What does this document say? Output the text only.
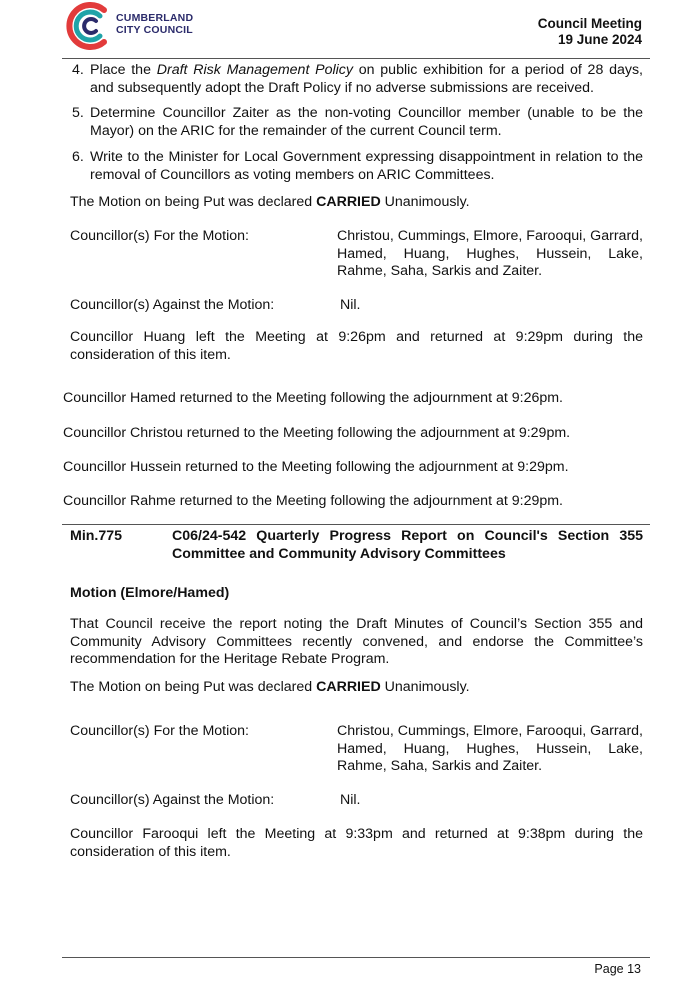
CUMBERLAND
CITY COUNCIL	Council Meeting
19 June 2024
4. Place the Draft Risk Management Policy on public exhibition for a period of 28 days, and subsequently adopt the Draft Policy if no adverse submissions are received.
5. Determine Councillor Zaiter as the non-voting Councillor member (unable to be the Mayor) on the ARIC for the remainder of the current Council term.
6. Write to the Minister for Local Government expressing disappointment in relation to the removal of Councillors as voting members on ARIC Committees.
The Motion on being Put was declared CARRIED Unanimously.
Councillor(s) For the Motion:	Christou, Cummings, Elmore, Farooqui, Garrard, Hamed, Huang, Hughes, Hussein, Lake, Rahme, Saha, Sarkis and Zaiter.
Councillor(s) Against the Motion:	Nil.
Councillor Huang left the Meeting at 9:26pm and returned at 9:29pm during the consideration of this item.
Councillor Hamed returned to the Meeting following the adjournment at 9:26pm.
Councillor Christou returned to the Meeting following the adjournment at 9:29pm.
Councillor Hussein returned to the Meeting following the adjournment at 9:29pm.
Councillor Rahme returned to the Meeting following the adjournment at 9:29pm.
Min.775	C06/24-542 Quarterly Progress Report on Council's Section 355 Committee and Community Advisory Committees
Motion (Elmore/Hamed)
That Council receive the report noting the Draft Minutes of Council’s Section 355 and Community Advisory Committees recently convened, and endorse the Committee’s recommendation for the Heritage Rebate Program.
The Motion on being Put was declared CARRIED Unanimously.
Councillor(s) For the Motion:	Christou, Cummings, Elmore, Farooqui, Garrard, Hamed, Huang, Hughes, Hussein, Lake, Rahme, Saha, Sarkis and Zaiter.
Councillor(s) Against the Motion:	Nil.
Councillor Farooqui left the Meeting at 9:33pm and returned at 9:38pm during the consideration of this item.
Page 13
